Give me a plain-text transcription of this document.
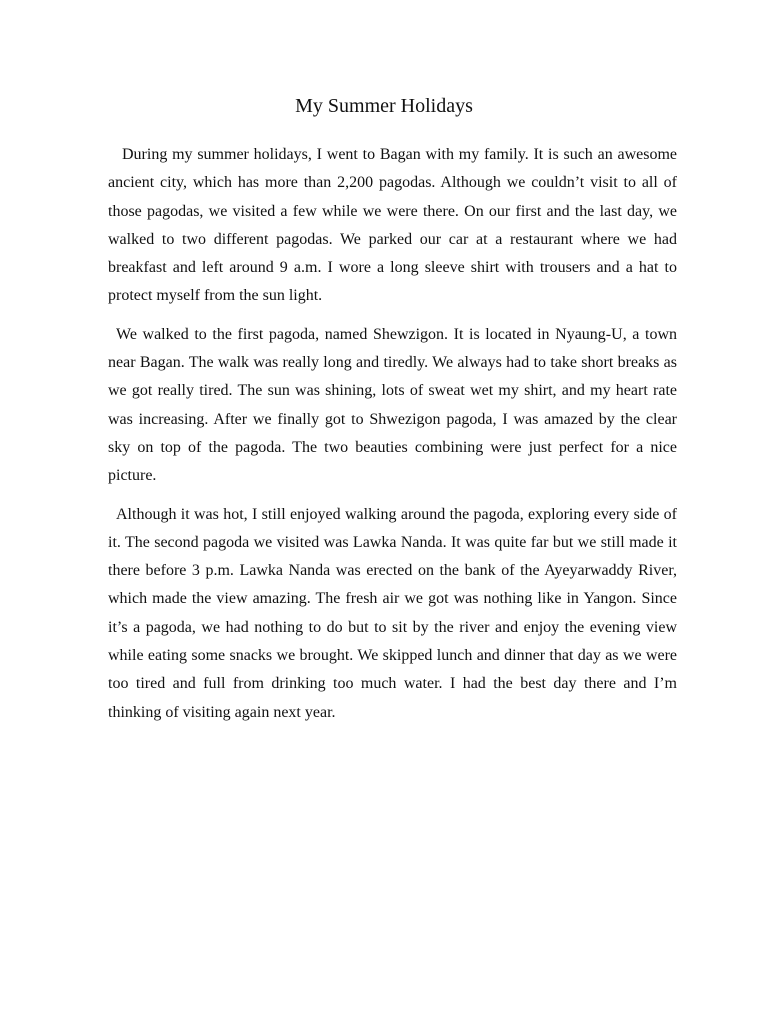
My Summer Holidays

During my summer holidays, I went to Bagan with my family. It is such an awesome ancient city, which has more than 2,200 pagodas. Although we couldn’t visit to all of those pagodas, we visited a few while we were there. On our first and the last day, we walked to two different pagodas. We parked our car at a restaurant where we had breakfast and left around 9 a.m. I wore a long sleeve shirt with trousers and a hat to protect myself from the sun light.

We walked to the first pagoda, named Shewzigon. It is located in Nyaung-U, a town near Bagan. The walk was really long and tiredly. We always had to take short breaks as we got really tired. The sun was shining, lots of sweat wet my shirt, and my heart rate was increasing. After we finally got to Shwezigon pagoda, I was amazed by the clear sky on top of the pagoda. The two beauties combining were just perfect for a nice picture.

Although it was hot, I still enjoyed walking around the pagoda, exploring every side of it. The second pagoda we visited was Lawka Nanda. It was quite far but we still made it there before 3 p.m. Lawka Nanda was erected on the bank of the Ayeyarwaddy River, which made the view amazing. The fresh air we got was nothing like in Yangon. Since it’s a pagoda, we had nothing to do but to sit by the river and enjoy the evening view while eating some snacks we brought. We skipped lunch and dinner that day as we were too tired and full from drinking too much water. I had the best day there and I’m thinking of visiting again next year.
